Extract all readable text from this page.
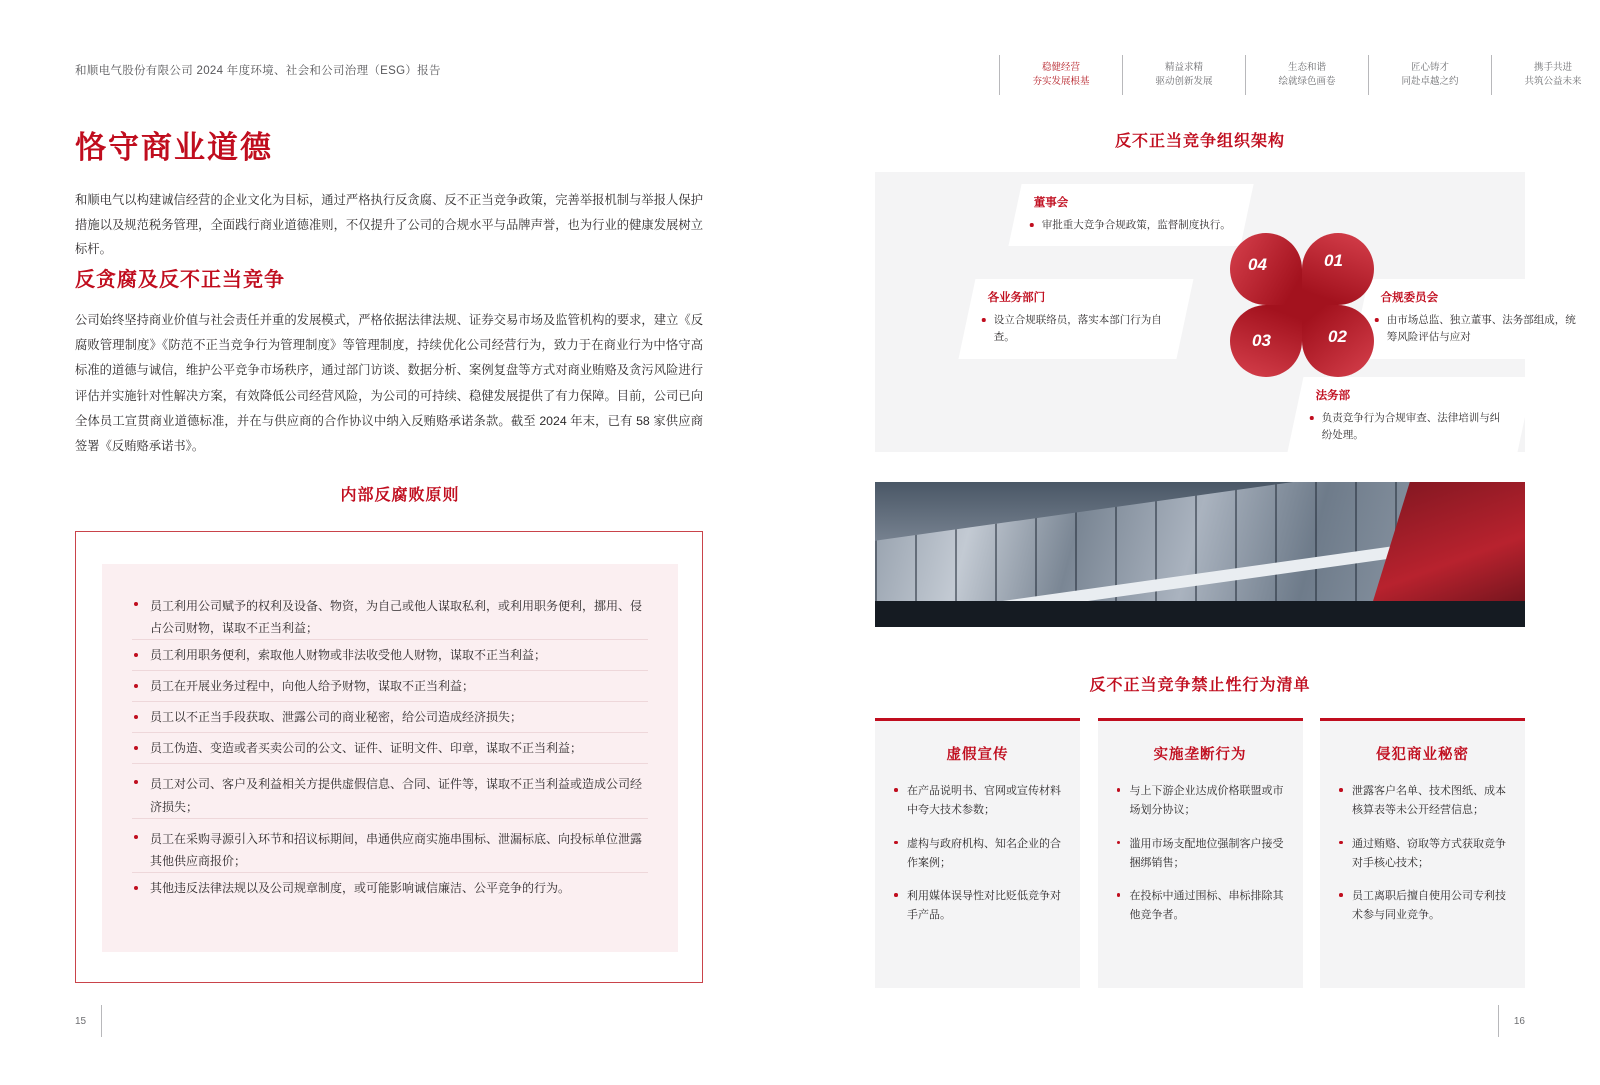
和顺电气股份有限公司 2024 年度环境、社会和公司治理（ESG）报告
恪守商业道德
和顺电气以构建诚信经营的企业文化为目标，通过严格执行反贪腐、反不正当竞争政策，完善举报机制与举报人保护措施以及规范税务管理，全面践行商业道德准则，不仅提升了公司的合规水平与品牌声誉，也为行业的健康发展树立标杆。
反贪腐及反不正当竞争
公司始终坚持商业价值与社会责任并重的发展模式，严格依据法律法规、证券交易市场及监管机构的要求，建立《反腐败管理制度》《防范不正当竞争行为管理制度》等管理制度，持续优化公司经营行为，致力于在商业行为中恪守高标准的道德与诚信，维护公平竞争市场秩序，通过部门访谈、数据分析、案例复盘等方式对商业贿赂及贪污风险进行评估并实施针对性解决方案，有效降低公司经营风险，为公司的可持续、稳健发展提供了有力保障。目前，公司已向全体员工宣贯商业道德标准，并在与供应商的合作协议中纳入反贿赂承诺条款。截至 2024 年末，已有 58 家供应商签署《反贿赂承诺书》。
内部反腐败原则
员工利用公司赋予的权利及设备、物资，为自己或他人谋取私利，或利用职务便利，挪用、侵占公司财物，谋取不正当利益；
员工利用职务便利，索取他人财物或非法收受他人财物，谋取不正当利益；
员工在开展业务过程中，向他人给予财物，谋取不正当利益；
员工以不正当手段获取、泄露公司的商业秘密，给公司造成经济损失；
员工伪造、变造或者买卖公司的公文、证件、证明文件、印章，谋取不正当利益；
员工对公司、客户及利益相关方提供虚假信息、合同、证件等，谋取不正当利益或造成公司经济损失；
员工在采购寻源引入环节和招议标期间，串通供应商实施串围标、泄漏标底、向投标单位泄露其他供应商报价；
其他违反法律法规以及公司规章制度，或可能影响诚信廉洁、公平竞争的行为。
15
稳健经营
夯实发展根基
精益求精
驱动创新发展
生态和谐
绘就绿色画卷
匠心铸才
同赴卓越之约
携手共进
共筑公益未来
反不正当竞争组织架构
董事会
审批重大竞争合规政策，监督制度执行。
合规委员会
由市场总监、独立董事、法务部组成，统筹风险评估与应对
各业务部门
设立合规联络员，落实本部门行为自查。
法务部
负责竞争行为合规审查、法律培训与纠纷处理。
01
02
03
04
反不正当竞争禁止性行为清单
虚假宣传
在产品说明书、官网或宣传材料中夸大技术参数；
虚构与政府机构、知名企业的合作案例；
利用媒体误导性对比贬低竞争对手产品。
实施垄断行为
与上下游企业达成价格联盟或市场划分协议；
滥用市场支配地位强制客户接受捆绑销售；
在投标中通过围标、串标排除其他竞争者。
侵犯商业秘密
泄露客户名单、技术图纸、成本核算表等未公开经营信息；
通过贿赂、窃取等方式获取竞争对手核心技术；
员工离职后擅自使用公司专利技术参与同业竞争。
16
